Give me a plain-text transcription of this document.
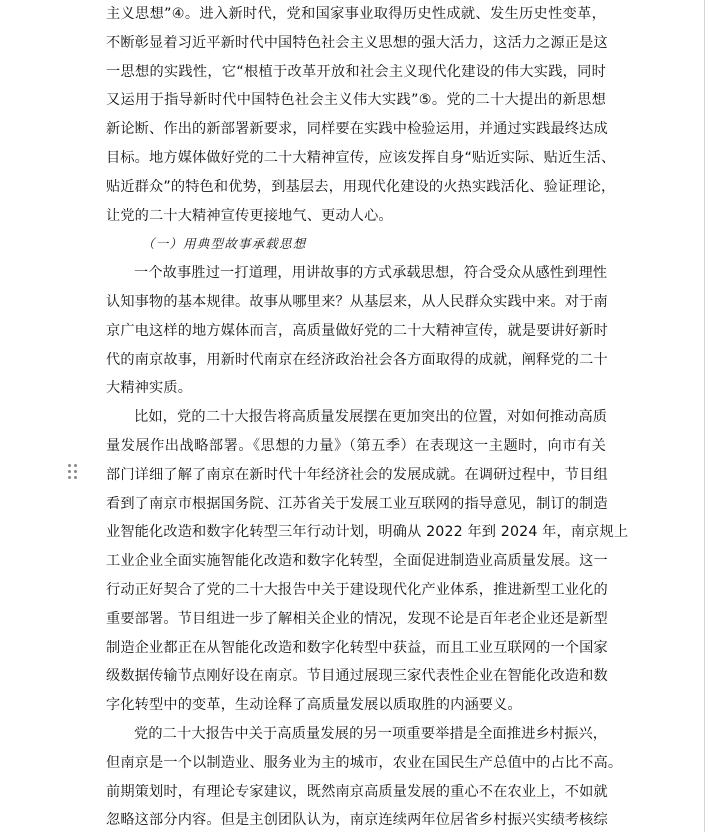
主义思想”④。进入新时代，党和国家事业取得历史性成就、发生历史性变革，
不断彰显着习近平新时代中国特色社会主义思想的强大活力，这活力之源正是这
一思想的实践性，它“根植于改革开放和社会主义现代化建设的伟大实践，同时
又运用于指导新时代中国特色社会主义伟大实践”⑤。党的二十大提出的新思想
新论断、作出的新部署新要求，同样要在实践中检验运用，并通过实践最终达成
目标。地方媒体做好党的二十大精神宣传，应该发挥自身“贴近实际、贴近生活、
贴近群众”的特色和优势，到基层去，用现代化建设的火热实践活化、验证理论，
让党的二十大精神宣传更接地气、更动人心。
（一）用典型故事承载思想
一个故事胜过一打道理，用讲故事的方式承载思想，符合受众从感性到理性
认知事物的基本规律。故事从哪里来？从基层来，从人民群众实践中来。对于南
京广电这样的地方媒体而言，高质量做好党的二十大精神宣传，就是要讲好新时
代的南京故事，用新时代南京在经济政治社会各方面取得的成就，阐释党的二十
大精神实质。
比如，党的二十大报告将高质量发展摆在更加突出的位置，对如何推动高质
量发展作出战略部署。《思想的力量》（第五季）在表现这一主题时，向市有关
部门详细了解了南京在新时代十年经济社会的发展成就。在调研过程中，节目组
看到了南京市根据国务院、江苏省关于发展工业互联网的指导意见，制订的制造
业智能化改造和数字化转型三年行动计划，明确从 2022 年到 2024 年，南京规上
工业企业全面实施智能化改造和数字化转型，全面促进制造业高质量发展。这一
行动正好契合了党的二十大报告中关于建设现代化产业体系，推进新型工业化的
重要部署。节目组进一步了解相关企业的情况，发现不论是百年老企业还是新型
制造企业都正在从智能化改造和数字化转型中获益，而且工业互联网的一个国家
级数据传输节点刚好设在南京。节目通过展现三家代表性企业在智能化改造和数
字化转型中的变革，生动诠释了高质量发展以质取胜的内涵要义。
党的二十大报告中关于高质量发展的另一项重要举措是全面推进乡村振兴，
但南京是一个以制造业、服务业为主的城市，农业在国民生产总值中的占比不高。
前期策划时，有理论专家建议，既然南京高质量发展的重心不在农业上，不如就
忽略这部分内容。但是主创团队认为，南京连续两年位居省乡村振兴实绩考核综
